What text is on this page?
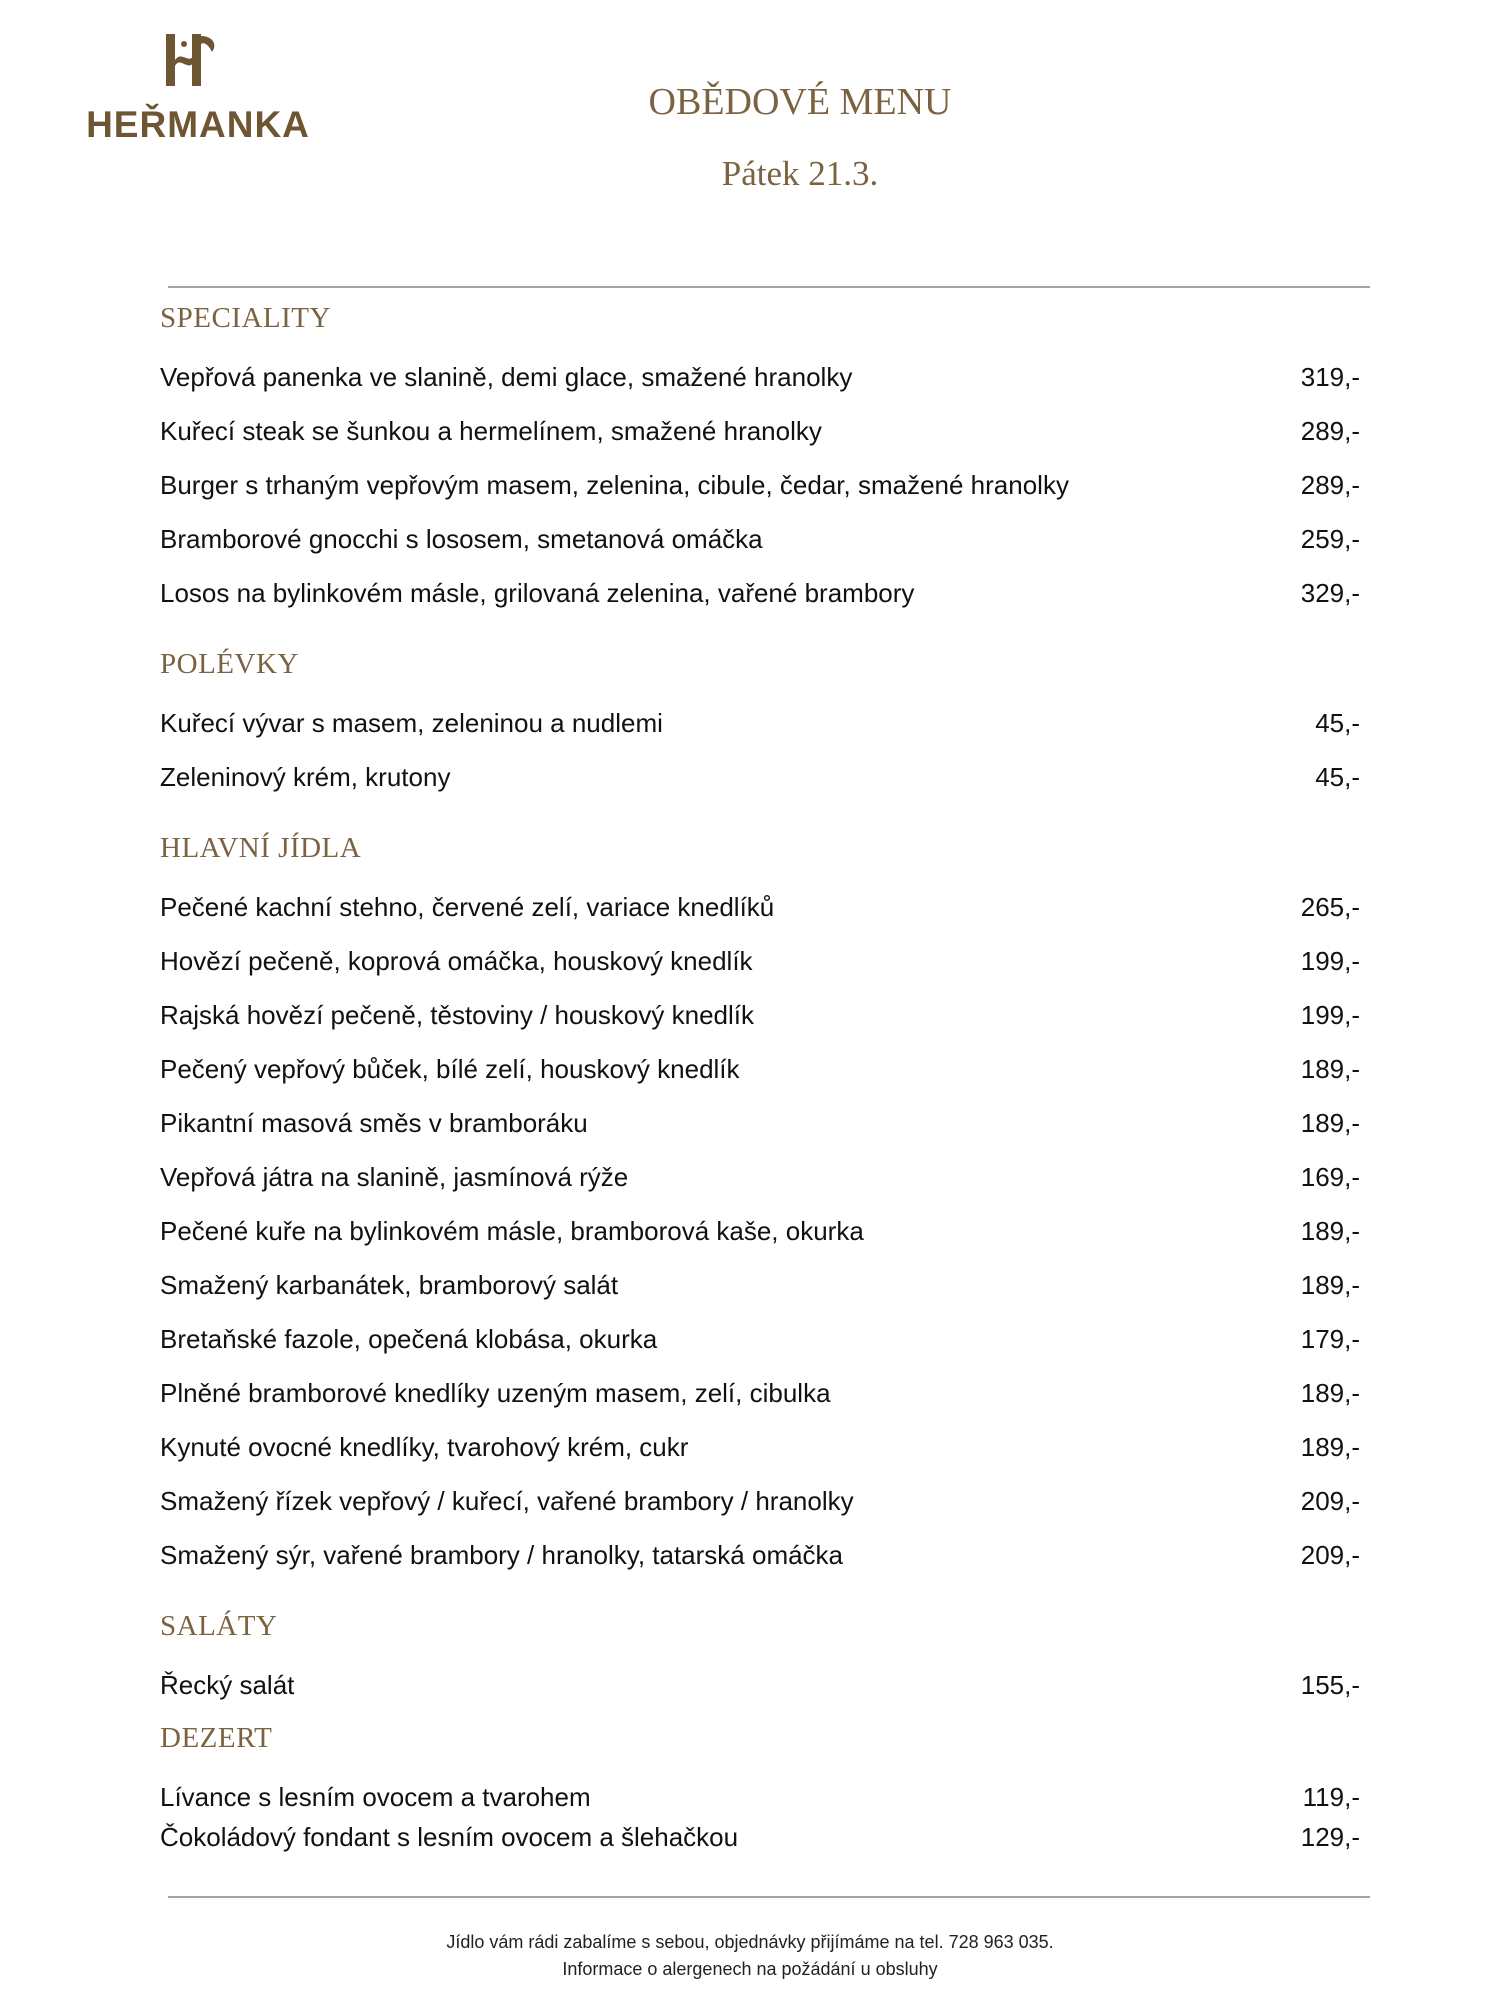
HEŘMANKA
OBĚDOVÉ MENU
Pátek 21.3.
SPECIALITY
Vepřová panenka ve slanině, demi glace, smažené hranolky	319,-
Kuřecí steak se šunkou a hermelínem, smažené hranolky	289,-
Burger s trhaným vepřovým masem, zelenina, cibule, čedar, smažené hranolky	289,-
Bramborové gnocchi s lososem, smetanová omáčka	259,-
Losos na bylinkovém másle, grilovaná zelenina, vařené brambory	329,-
POLÉVKY
Kuřecí vývar s masem, zeleninou a nudlemi	45,-
Zeleninový krém, krutony	45,-
HLAVNÍ JÍDLA
Pečené kachní stehno, červené zelí, variace knedlíků	265,-
Hovězí pečeně, koprová omáčka, houskový knedlík	199,-
Rajská hovězí pečeně, těstoviny / houskový knedlík	199,-
Pečený vepřový bůček, bílé zelí, houskový knedlík	189,-
Pikantní masová směs v bramboráku	189,-
Vepřová játra na slanině, jasmínová rýže	169,-
Pečené kuře na bylinkovém másle, bramborová kaše, okurka	189,-
Smažený karbanátek, bramborový salát	189,-
Bretaňské fazole, opečená klobása, okurka	179,-
Plněné bramborové knedlíky uzeným masem, zelí, cibulka	189,-
Kynuté ovocné knedlíky, tvarohový krém, cukr	189,-
Smažený řízek vepřový / kuřecí, vařené brambory / hranolky	209,-
Smažený sýr, vařené brambory / hranolky, tatarská omáčka	209,-
SALÁTY
Řecký salát	155,-
DEZERT
Lívance s lesním ovocem a tvarohem	119,-
Čokoládový fondant s lesním ovocem a šlehačkou	129,-
Jídlo vám rádi zabalíme s sebou, objednávky přijímáme na tel. 728 963 035.
Informace o alergenech na požádání u obsluhy
